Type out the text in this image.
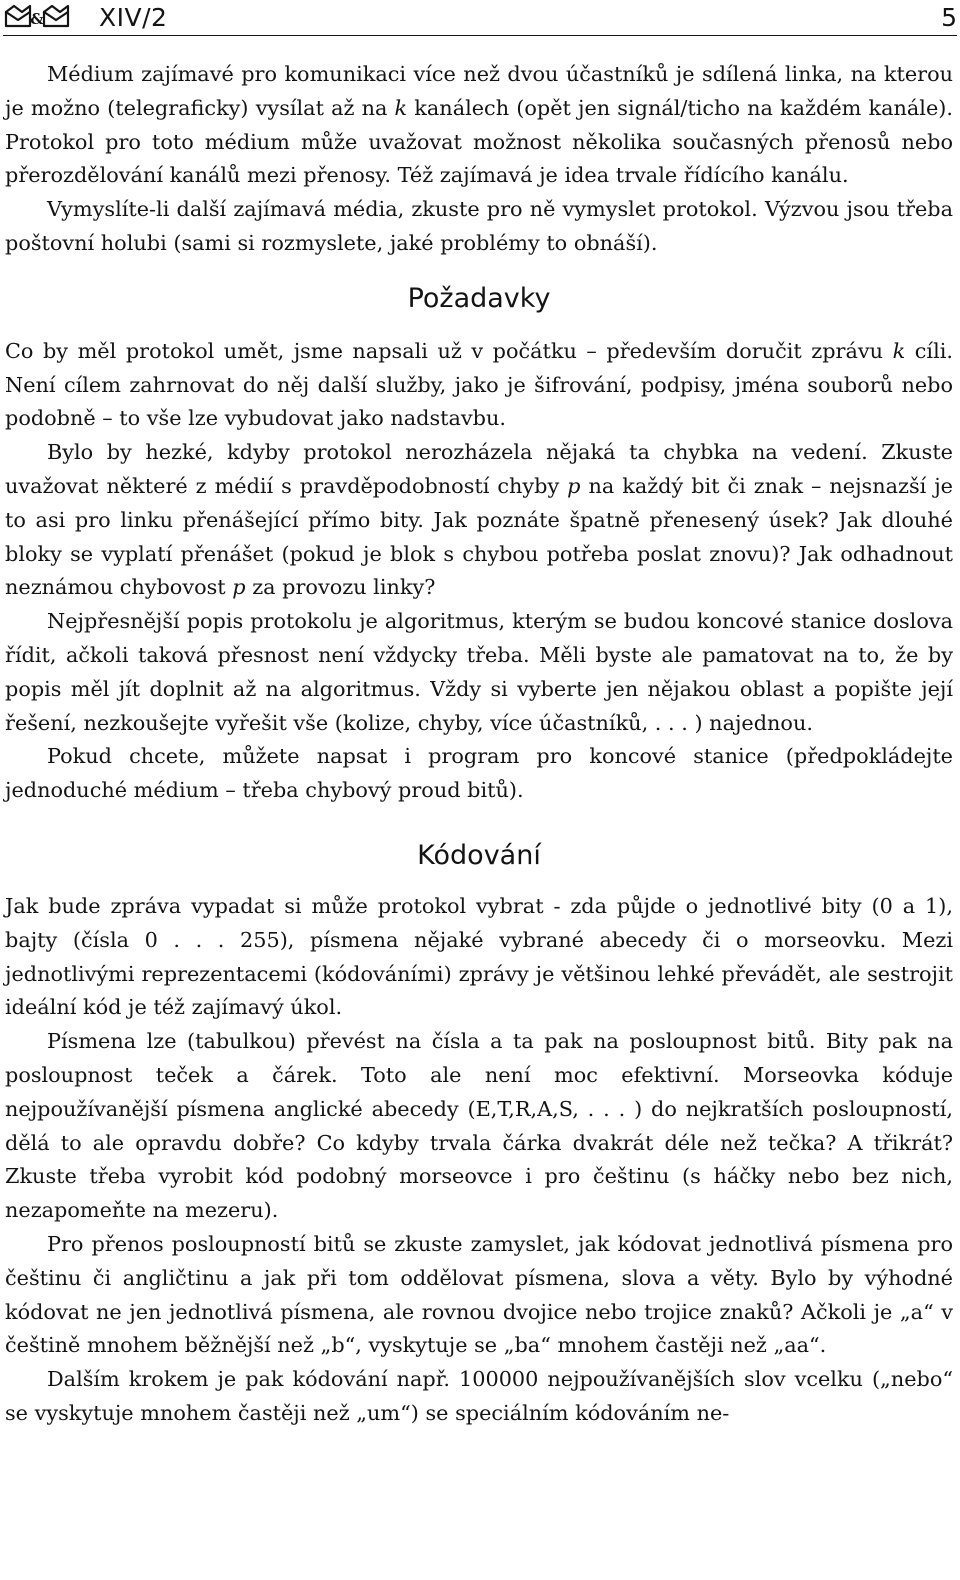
& XIV/2	5

Médium zajímavé pro komunikaci více než dvou účastníků je sdílená linka, na kterou je možno (telegraficky) vysílat až na k kanálech (opět jen signál/ticho na každém kanále). Protokol pro toto médium může uvažovat možnost několika současných přenosů nebo přerozdělování kanálů mezi přenosy. Též zajímavá je idea trvale řídícího kanálu.

Vymyslíte-li další zajímavá média, zkuste pro ně vymyslet protokol. Výzvou jsou třeba poštovní holubi (sami si rozmyslete, jaké problémy to obnáší).

Požadavky

Co by měl protokol umět, jsme napsali už v počátku – především doručit zprávu k cíli. Není cílem zahrnovat do něj další služby, jako je šifrování, podpisy, jména souborů nebo podobně – to vše lze vybudovat jako nadstavbu.

Bylo by hezké, kdyby protokol nerozházela nějaká ta chybka na vedení. Zkuste uvažovat některé z médií s pravděpodobností chyby p na každý bit či znak – nejsnazší je to asi pro linku přenášející přímo bity. Jak poznáte špatně přenesený úsek? Jak dlouhé bloky se vyplatí přenášet (pokud je blok s chybou potřeba poslat znovu)? Jak odhadnout neznámou chybovost p za provozu linky?

Nejpřesnější popis protokolu je algoritmus, kterým se budou koncové stanice doslova řídit, ačkoli taková přesnost není vždycky třeba. Měli byste ale pamatovat na to, že by popis měl jít doplnit až na algoritmus. Vždy si vyberte jen nějakou oblast a popište její řešení, nezkoušejte vyřešit vše (kolize, chyby, více účastníků, . . . ) najednou.

Pokud chcete, můžete napsat i program pro koncové stanice (předpokládejte jednoduché médium – třeba chybový proud bitů).

Kódování

Jak bude zpráva vypadat si může protokol vybrat - zda půjde o jednotlivé bity (0 a 1), bajty (čísla 0 . . . 255), písmena nějaké vybrané abecedy či o morseovku. Mezi jednotlivými reprezentacemi (kódováními) zprávy je většinou lehké převádět, ale sestrojit ideální kód je též zajímavý úkol.

Písmena lze (tabulkou) převést na čísla a ta pak na posloupnost bitů. Bity pak na posloupnost teček a čárek. Toto ale není moc efektivní. Morseovka kóduje nejpoužívanější písmena anglické abecedy (E,T,R,A,S, . . . ) do nejkratších posloupností, dělá to ale opravdu dobře? Co kdyby trvala čárka dvakrát déle než tečka? A třikrát? Zkuste třeba vyrobit kód podobný morseovce i pro češtinu (s háčky nebo bez nich, nezapomeňte na mezeru).

Pro přenos posloupností bitů se zkuste zamyslet, jak kódovat jednotlivá písmena pro češtinu či angličtinu a jak při tom oddělovat písmena, slova a věty. Bylo by výhodné kódovat ne jen jednotlivá písmena, ale rovnou dvojice nebo trojice znaků? Ačkoli je „a“ v češtině mnohem běžnější než „b“, vyskytuje se „ba“ mnohem častěji než „aa“.

Dalším krokem je pak kódování např. 100000 nejpoužívanějších slov vcelku („nebo“ se vyskytuje mnohem častěji než „um“) se speciálním kódováním ne-
